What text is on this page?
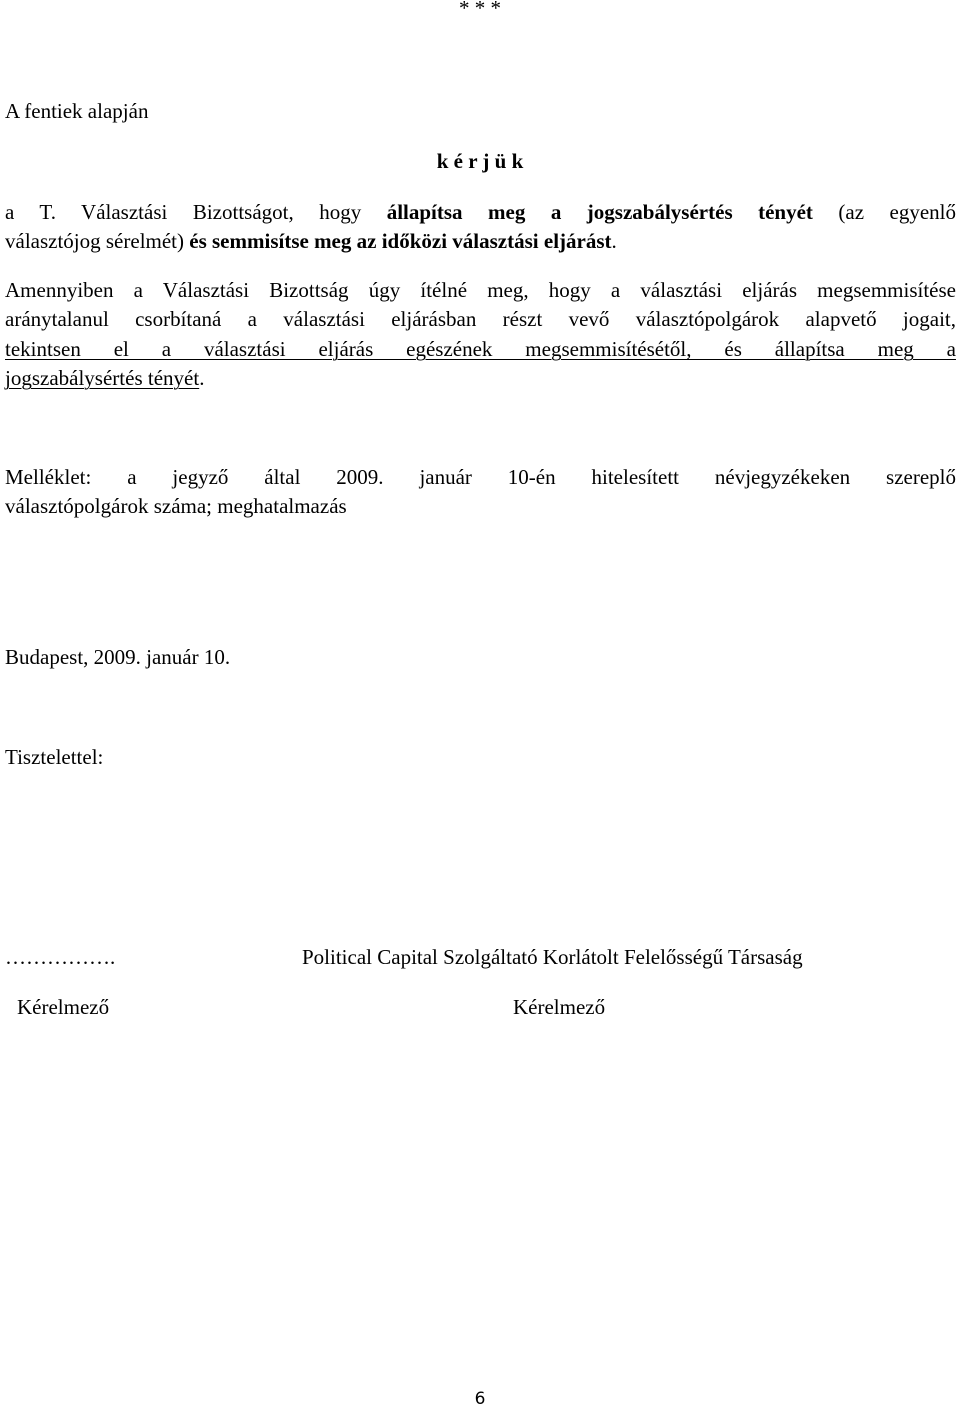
* * *
A fentiek alapján
k é r j ü k
a T. Választási Bizottságot, hogy állapítsa meg a jogszabálysértés tényét (az egyenlő
választójog sérelmét) és semmisítse meg az időközi választási eljárást.
Amennyiben a Választási Bizottság úgy ítélné meg, hogy a választási eljárás megsemmisítése
aránytalanul csorbítaná a választási eljárásban részt vevő választópolgárok alapvető jogait,
tekintsen el a választási eljárás egészének megsemmisítésétől, és állapítsa meg a
jogszabálysértés tényét.
Melléklet: a jegyző által 2009. január 10-én hitelesített névjegyzékeken szereplő
választópolgárok száma; meghatalmazás
Budapest, 2009. január 10.
Tisztelettel:
…………….	Political Capital Szolgáltató Korlátolt Felelősségű Társaság
Kérelmező	Kérelmező
6
